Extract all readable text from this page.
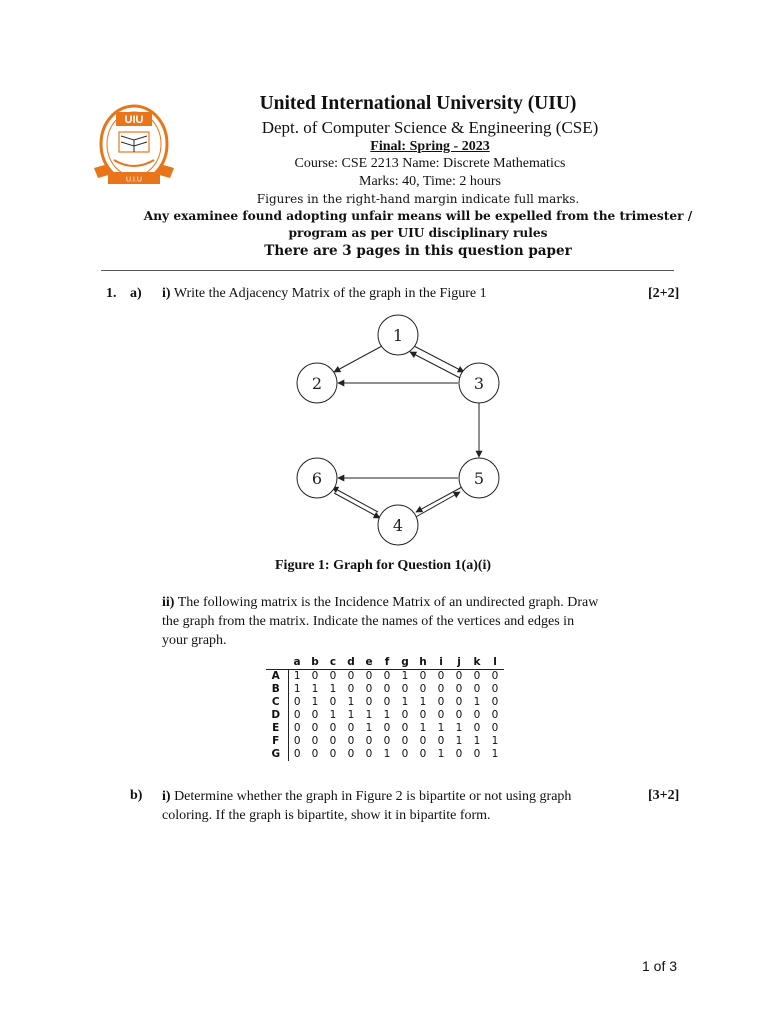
UIU
U.I.U
United International University (UIU)
Dept. of Computer Science & Engineering (CSE)
Final: Spring - 2023
Course: CSE 2213 Name: Discrete Mathematics
Marks: 40, Time: 2 hours
Figures in the right-hand margin indicate full marks.
Any examinee found adopting unfair means will be expelled from the trimester /
program as per UIU disciplinary rules
There are 3 pages in this question paper
1. a) i) Write the Adjacency Matrix of the graph in the Figure 1	[2+2]
1
2	3
4
5
6
Figure 1: Graph for Question 1(a)(i)
ii) The following matrix is the Incidence Matrix of an undirected graph. Draw
the graph from the matrix. Indicate the names of the vertices and edges in
your graph.
	a	b	c	d	e	f	g	h	i	j	k	l
A	1	0	0	0	0	0	1	0	0	0	0	0
B	1	1	1	0	0	0	0	0	0	0	0	0
C	0	1	0	1	0	0	1	1	0	0	1	0
D	0	0	1	1	1	1	0	0	0	0	0	0
E	0	0	0	0	1	0	0	1	1	1	0	0
F	0	0	0	0	0	0	0	0	0	1	1	1
G	0	0	0	0	0	1	0	0	1	0	0	1
b) i) Determine whether the graph in Figure 2 is bipartite or not using graph
coloring. If the graph is bipartite, show it in bipartite form.
[3+2]
1 of 3
